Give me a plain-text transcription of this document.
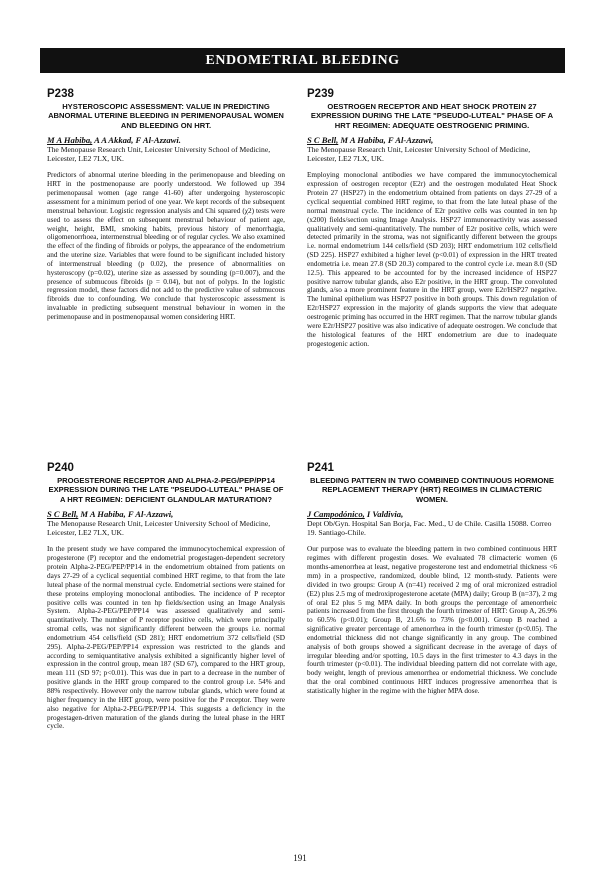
ENDOMETRIAL BLEEDING
P238
HYSTEROSCOPIC ASSESSMENT: VALUE IN PREDICTING ABNORMAL UTERINE BLEEDING IN PERIMENOPAUSAL WOMEN AND BLEEDING ON HRT.
M A Habiba, A A Akkad, F Al-Azzawi.
The Menopause Research Unit, Leicester University School of Medicine, Leicester, LE2 7LX, UK.
Predictors of abnormal uterine bleeding in the perimenopause and bleeding on HRT in the postmenopause are poorly understood. We followed up 394 perimenopausal women (age range 41-60) after undergoing hysteroscopic assessment for a minimum period of one year. We kept records of the subsequent menstrual behaviour. Logistic regression analysis and Chi squared (χ2) tests were used to assess the effect on subsequent menstrual behaviour of patient age, weight, height, BMI, smoking habits, previous history of menorrhagia, oligomenorrhoea, intermenstrual bleeding or of regular cycles. We also examined the effect of the finding of fibroids or polyps, the appearance of the endometrium and the uterine size. Variables that were found to be significant included history of intermenstrual bleeding (p 0.02), the presence of abnormalities on hysteroscopy (p=0.02), uterine size as assessed by sounding (p=0.007), and the presence of submucous fibroids (p = 0.04), but not of polyps. In the logistic regression model, these factors did not add to the predictive value of submucous fibroids due to confounding. We conclude that hysteroscopic assessment is invaluable in predicting subsequent menstrual behaviour in women in the perimenopause and in postmenopausal women considering HRT.
P239
OESTROGEN RECEPTOR AND HEAT SHOCK PROTEIN 27 EXPRESSION DURING THE LATE "PSEUDO-LUTEAL" PHASE OF A HRT REGIMEN: ADEQUATE OESTROGENIC PRIMING.
S C Bell, M A Habiba, F Al-Azzawi,
The Menopause Research Unit, Leicester University School of Medicine, Leicester, LE2 7LX, UK.
Employing monoclonal antibodies we have compared the immunocytochemical expression of oestrogen receptor (E2r) and the oestrogen modulated Heat Shock Protein 27 (HSP27) in the endometrium obtained from patients on days 27-29 of a cyclical sequential combined HRT regime, to that from the late luteal phase of the normal menstrual cycle. The incidence of E2r positive cells was counted in ten hp (x200) fields/section using Image Analysis. HSP27 immunoreactivity was assessed qualitatively and semi-quantitatively. The number of E2r positive cells, which were detected primarily in the stroma, was not significantly different between the groups i.e. normal endometrium 144 cells/field (SD 203); HRT endometrium 102 cells/field (SD 225). HSP27 exhibited a higher level (p<0.01) of expression in the HRT treated endometria i.e. mean 27.8 (SD 20.3) compared to the control cycle i.e. mean 8.0 (SD 12.5). This appeared to be accounted for by the increased incidence of HSP27 positive narrow tubular glands, also E2r positive, in the HRT group. The convoluted glands, a/so a more prominent feature in the HRT group, were E2r/HSP27 negative. The luminal epithelium was HSP27 positive in both groups. This down regulation of E2r/HSP27 expression in the majority of glands supports the view that adequate oestrogenic priming has occurred in the HRT regimen. That the narrow tubular glands were E2r/HSP27 positive was also indicative of adequate oestrogen. We conclude that the histological features of the HRT endometrium are due to inadequate progestogenic action.
P240
PROGESTERONE RECEPTOR AND ALPHA-2-PEG/PEP/PP14 EXPRESSION DURING THE LATE "PSEUDO-LUTEAL" PHASE OF A HRT REGIMEN: DEFICIENT GLANDULAR MATURATION?
S C Bell, M A Habiba, F Al-Azzawi,
The Menopause Research Unit, Leicester University School of Medicine, Leicester, LE2 7LX, UK.
In the present study we have compared the immunocytochemical expression of progesterone (P) receptor and the endometrial progestagen-dependent secretory protein Alpha-2-PEG/PEP/PP14 in the endometrium obtained from patients on days 27-29 of a cyclical sequential combined HRT regime, to that from the late luteal phase of the normal menstrual cycle. Endometrial sections were stained for these proteins employing monoclonal antibodies. The incidence of P receptor positive cells was counted in ten hp fields/section using an Image Analysis System. Alpha-2-PEG/PEP/PP14 was assessed qualitatively and semi-quantitatively. The number of P receptor positive cells, which were principally stromal cells, was not significantly different between the groups i.e. normal endometrium 454 cells/field (SD 281); HRT endometrium 372 cells/field (SD 295). Alpha-2-PEG/PEP/PP14 expression was restricted to the glands and according to semiquantitative analysis exhibited a significantly higher level of expression in the control group, mean 187 (SD 67), compared to the HRT group, mean 111 (SD 97; p<0.01). This was due in part to a decrease in the number of positive glands in the HRT group compared to the control group i.e. 54% and 88% respectively. However only the narrow tubular glands, which were found at higher frequency in the HRT group, were positive for the P receptor. They were also negative for Alpha-2-PEG/PEP/PP14. This suggests a deficiency in the progestagen-driven maturation of the glands during the luteal phase in the HRT cycle.
P241
BLEEDING PATTERN IN TWO COMBINED CONTINUOUS HORMONE REPLACEMENT THERAPY (HRT) REGIMES IN CLIMACTERIC WOMEN.
J Campodónico, I Valdivia,
Dept Ob/Gyn. Hospital San Borja, Fac. Med., U de Chile. Casilla 15088. Correo 19. Santiago-Chile.
Our purpose was to evaluate the bleeding pattern in two combined continuous HRT regimes with different progestin doses. We evaluated 78 climacteric women (6 months-amenorrhea at least, negative progesterone test and endometrial thickness <6 mm) in a prospective, randomized, double blind, 12 month-study. Patients were divided in two groups: Group A (n=41) received 2 mg of oral micronized estradiol (E2) plus 2.5 mg of medroxiprogesterone acetate (MPA) daily; Group B (n=37), 2 mg of oral E2 plus 5 mg MPA daily. In both groups the percentage of amenorrheic patients increased from the first through the fourth trimester of HRT: Group A, 26.9% to 60.5% (p<0.01); Group B, 21.6% to 73% (p<0.001). Group B reached a significative greater percentage of amenorrhea in the fourth trimester (p<0.05). The endometrial thickness did not change significantly in any group. The combined analysis of both groups showed a significant decrease in the average of days of irregular bleeding and/or spotting, 10.5 days in the first trimester to 4.3 days in the fourth trimester (p<0.01). The individual bleeding pattern did not correlate with age, body weight, length of previous amenorrhea or endometrial thickness. We conclude that the oral combined continuous HRT induces progressive amenorrhea that is statistically higher in the regime with the higher MPA dose.
191
